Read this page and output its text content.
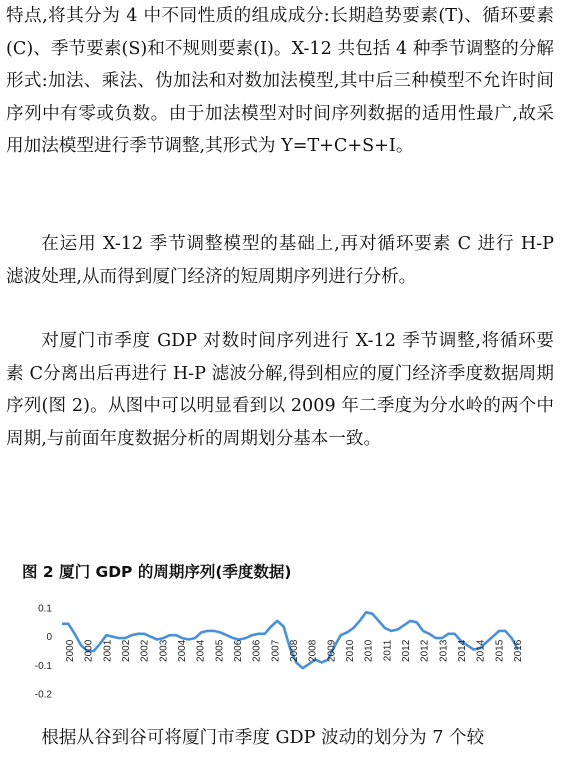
特点,将其分为 4 中不同性质的组成成分:长期趋势要素(T)、循环要素(C)、季节要素(S)和不规则要素(I)。X-12 共包括 4 种季节调整的分解形式:加法、乘法、伪加法和对数加法模型,其中后三种模型不允许时间序列中有零或负数。由于加法模型对时间序列数据的适用性最广,故采用加法模型进行季节调整,其形式为 Y=T+C+S+I。

在运用 X-12 季节调整模型的基础上,再对循环要素 C 进行 H-P 滤波处理,从而得到厦门经济的短周期序列进行分析。

对厦门市季度 GDP 对数时间序列进行 X-12 季节调整,将循环要素 C分离出后再进行 H-P 滤波分解,得到相应的厦门经济季度数据周期序列(图 2)。从图中可以明显看到以 2009 年二季度为分水岭的两个中周期,与前面年度数据分析的周期划分基本一致。

图 2 厦门 GDP 的周期序列(季度数据)

0.1
0
-0.1
-0.2
2000 2000 2001 2002 2002 2003 2004 2004 2005 2006 2006 2007 2008 2008 2009 2010 2010 2011 2012 2012 2013 2014 2014 2015 2016

根据从谷到谷可将厦门市季度 GDP 波动的划分为 7 个较
